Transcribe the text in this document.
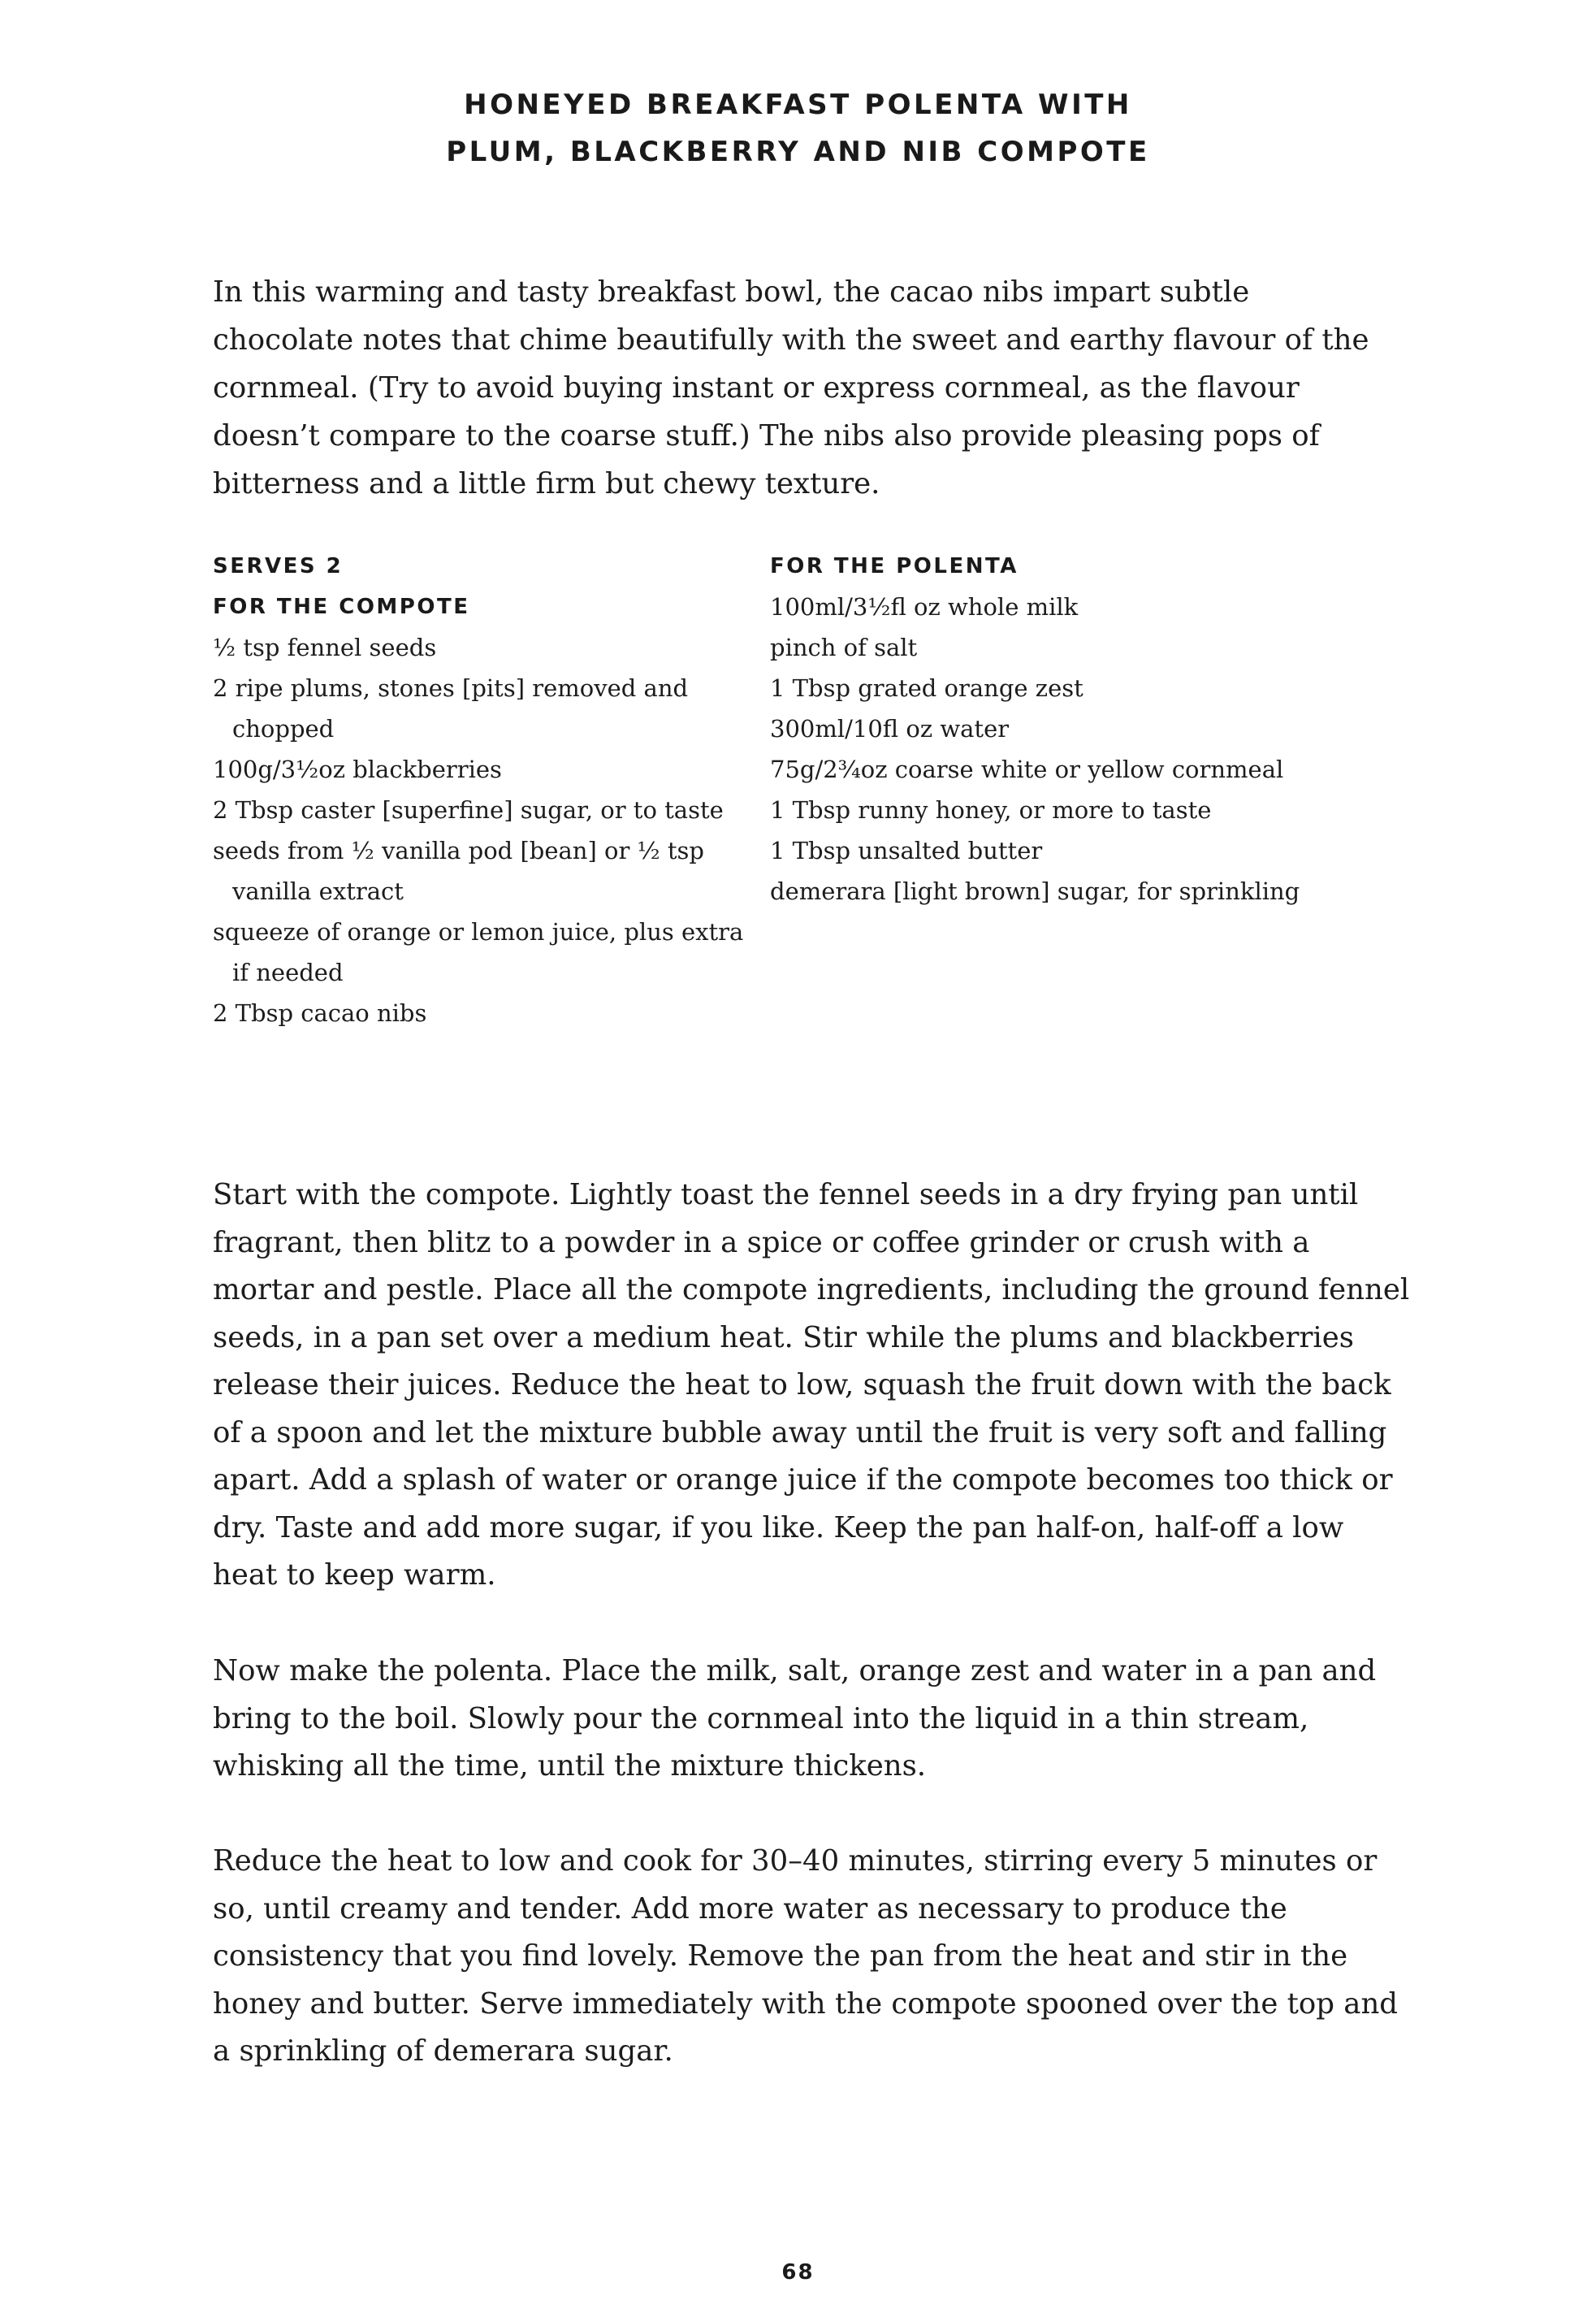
HONEYED BREAKFAST POLENTA WITH
PLUM, BLACKBERRY AND NIB COMPOTE

In this warming and tasty breakfast bowl, the cacao nibs impart subtle chocolate notes that chime beautifully with the sweet and earthy flavour of the cornmeal. (Try to avoid buying instant or express cornmeal, as the flavour doesn’t compare to the coarse stuff.) The nibs also provide pleasing pops of bitterness and a little firm but chewy texture.

SERVES 2
FOR THE COMPOTE
½ tsp fennel seeds
2 ripe plums, stones [pits] removed and chopped
100g/3½oz blackberries
2 Tbsp caster [superfine] sugar, or to taste
seeds from ½ vanilla pod [bean] or ½ tsp vanilla extract
squeeze of orange or lemon juice, plus extra if needed
2 Tbsp cacao nibs
FOR THE POLENTA
100ml/3½fl oz whole milk
pinch of salt
1 Tbsp grated orange zest
300ml/10fl oz water
75g/2¾oz coarse white or yellow cornmeal
1 Tbsp runny honey, or more to taste
1 Tbsp unsalted butter
demerara [light brown] sugar, for sprinkling

Start with the compote. Lightly toast the fennel seeds in a dry frying pan until fragrant, then blitz to a powder in a spice or coffee grinder or crush with a mortar and pestle. Place all the compote ingredients, including the ground fennel seeds, in a pan set over a medium heat. Stir while the plums and blackberries release their juices. Reduce the heat to low, squash the fruit down with the back of a spoon and let the mixture bubble away until the fruit is very soft and falling apart. Add a splash of water or orange juice if the compote becomes too thick or dry. Taste and add more sugar, if you like. Keep the pan half-on, half-off a low heat to keep warm.

Now make the polenta. Place the milk, salt, orange zest and water in a pan and bring to the boil. Slowly pour the cornmeal into the liquid in a thin stream, whisking all the time, until the mixture thickens.

Reduce the heat to low and cook for 30–40 minutes, stirring every 5 minutes or so, until creamy and tender. Add more water as necessary to produce the consistency that you find lovely. Remove the pan from the heat and stir in the honey and butter. Serve immediately with the compote spooned over the top and a sprinkling of demerara sugar.

68
